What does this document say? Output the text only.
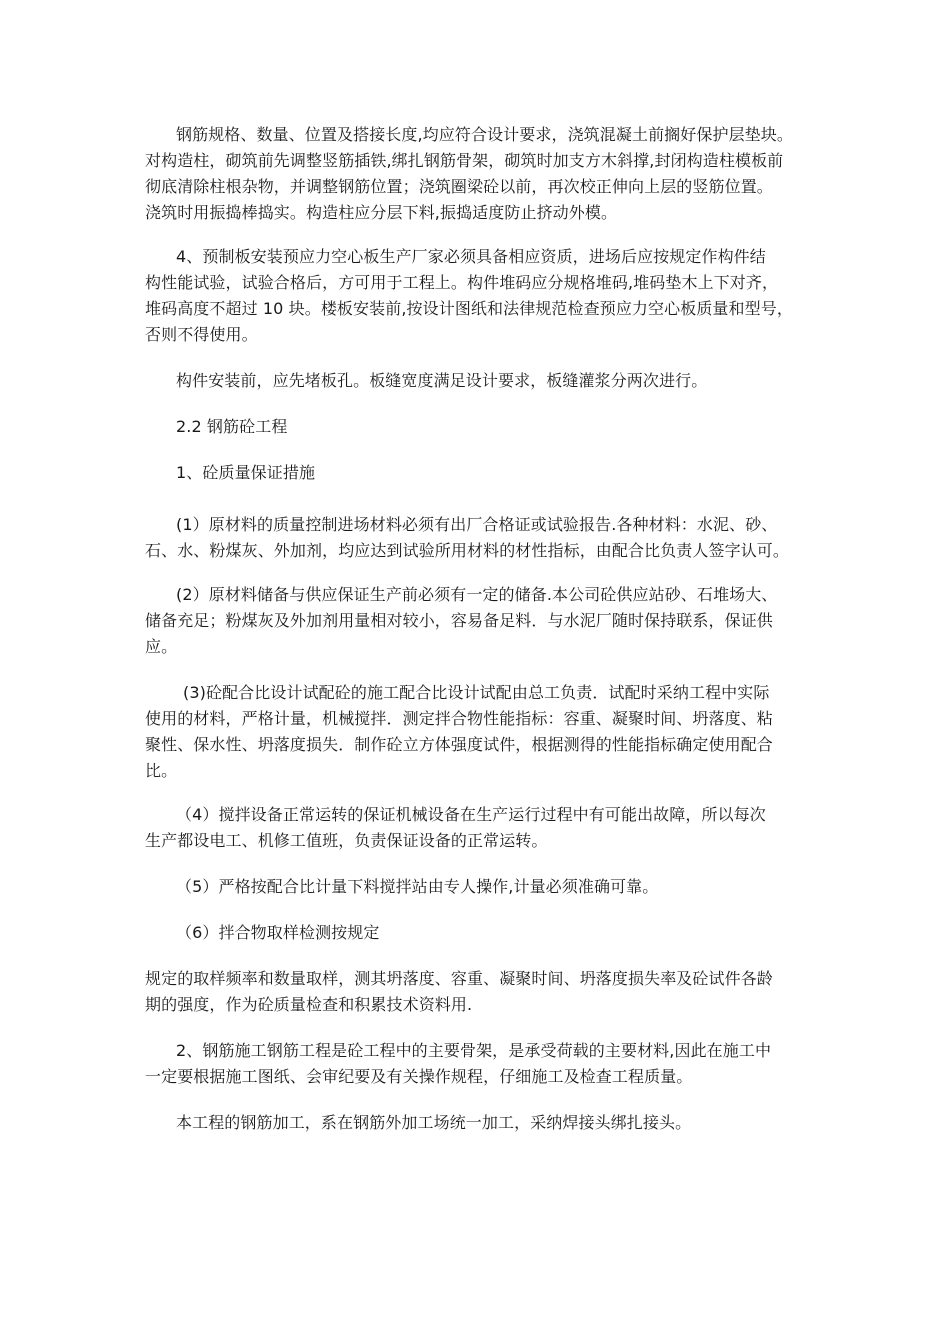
钢筋规格、数量、位置及搭接长度,均应符合设计要求，浇筑混凝土前搁好保护层垫块。
对构造柱，砌筑前先调整竖筋插铁,绑扎钢筋骨架，砌筑时加支方木斜撑,封闭构造柱模板前
彻底清除柱根杂物，并调整钢筋位置；浇筑圈梁砼以前，再次校正伸向上层的竖筋位置。
浇筑时用振捣棒捣实。构造柱应分层下料,振捣适度防止挤动外模。
4、预制板安装预应力空心板生产厂家必须具备相应资质，进场后应按规定作构件结
构性能试验，试验合格后，方可用于工程上。构件堆码应分规格堆码,堆码垫木上下对齐，
堆码高度不超过 10 块。楼板安装前,按设计图纸和法律规范检查预应力空心板质量和型号，
否则不得使用。
构件安装前，应先堵板孔。板缝宽度满足设计要求，板缝灌浆分两次进行。
2.2 钢筋砼工程
1、砼质量保证措施
(1）原材料的质量控制进场材料必须有出厂合格证或试验报告.各种材料：水泥、砂、
石、水、粉煤灰、外加剂，均应达到试验所用材料的材性指标，由配合比负责人签字认可。
(2）原材料储备与供应保证生产前必须有一定的储备.本公司砼供应站砂、石堆场大、
储备充足；粉煤灰及外加剂用量相对较小，容易备足料．与水泥厂随时保持联系，保证供
应。
(3)砼配合比设计试配砼的施工配合比设计试配由总工负责．试配时采纳工程中实际
使用的材料，严格计量，机械搅拌．测定拌合物性能指标：容重、凝聚时间、坍落度、粘
聚性、保水性、坍落度损失．制作砼立方体强度试件，根据测得的性能指标确定使用配合
比。
（4）搅拌设备正常运转的保证机械设备在生产运行过程中有可能出故障，所以每次
生产都设电工、机修工值班，负责保证设备的正常运转。
（5）严格按配合比计量下料搅拌站由专人操作,计量必须准确可靠。
（6）拌合物取样检测按规定
规定的取样频率和数量取样，测其坍落度、容重、凝聚时间、坍落度损失率及砼试件各龄
期的强度，作为砼质量检查和积累技术资料用.
2、钢筋施工钢筋工程是砼工程中的主要骨架，是承受荷载的主要材料,因此在施工中
一定要根据施工图纸、会审纪要及有关操作规程，仔细施工及检查工程质量。
本工程的钢筋加工，系在钢筋外加工场统一加工，采纳焊接头绑扎接头。
